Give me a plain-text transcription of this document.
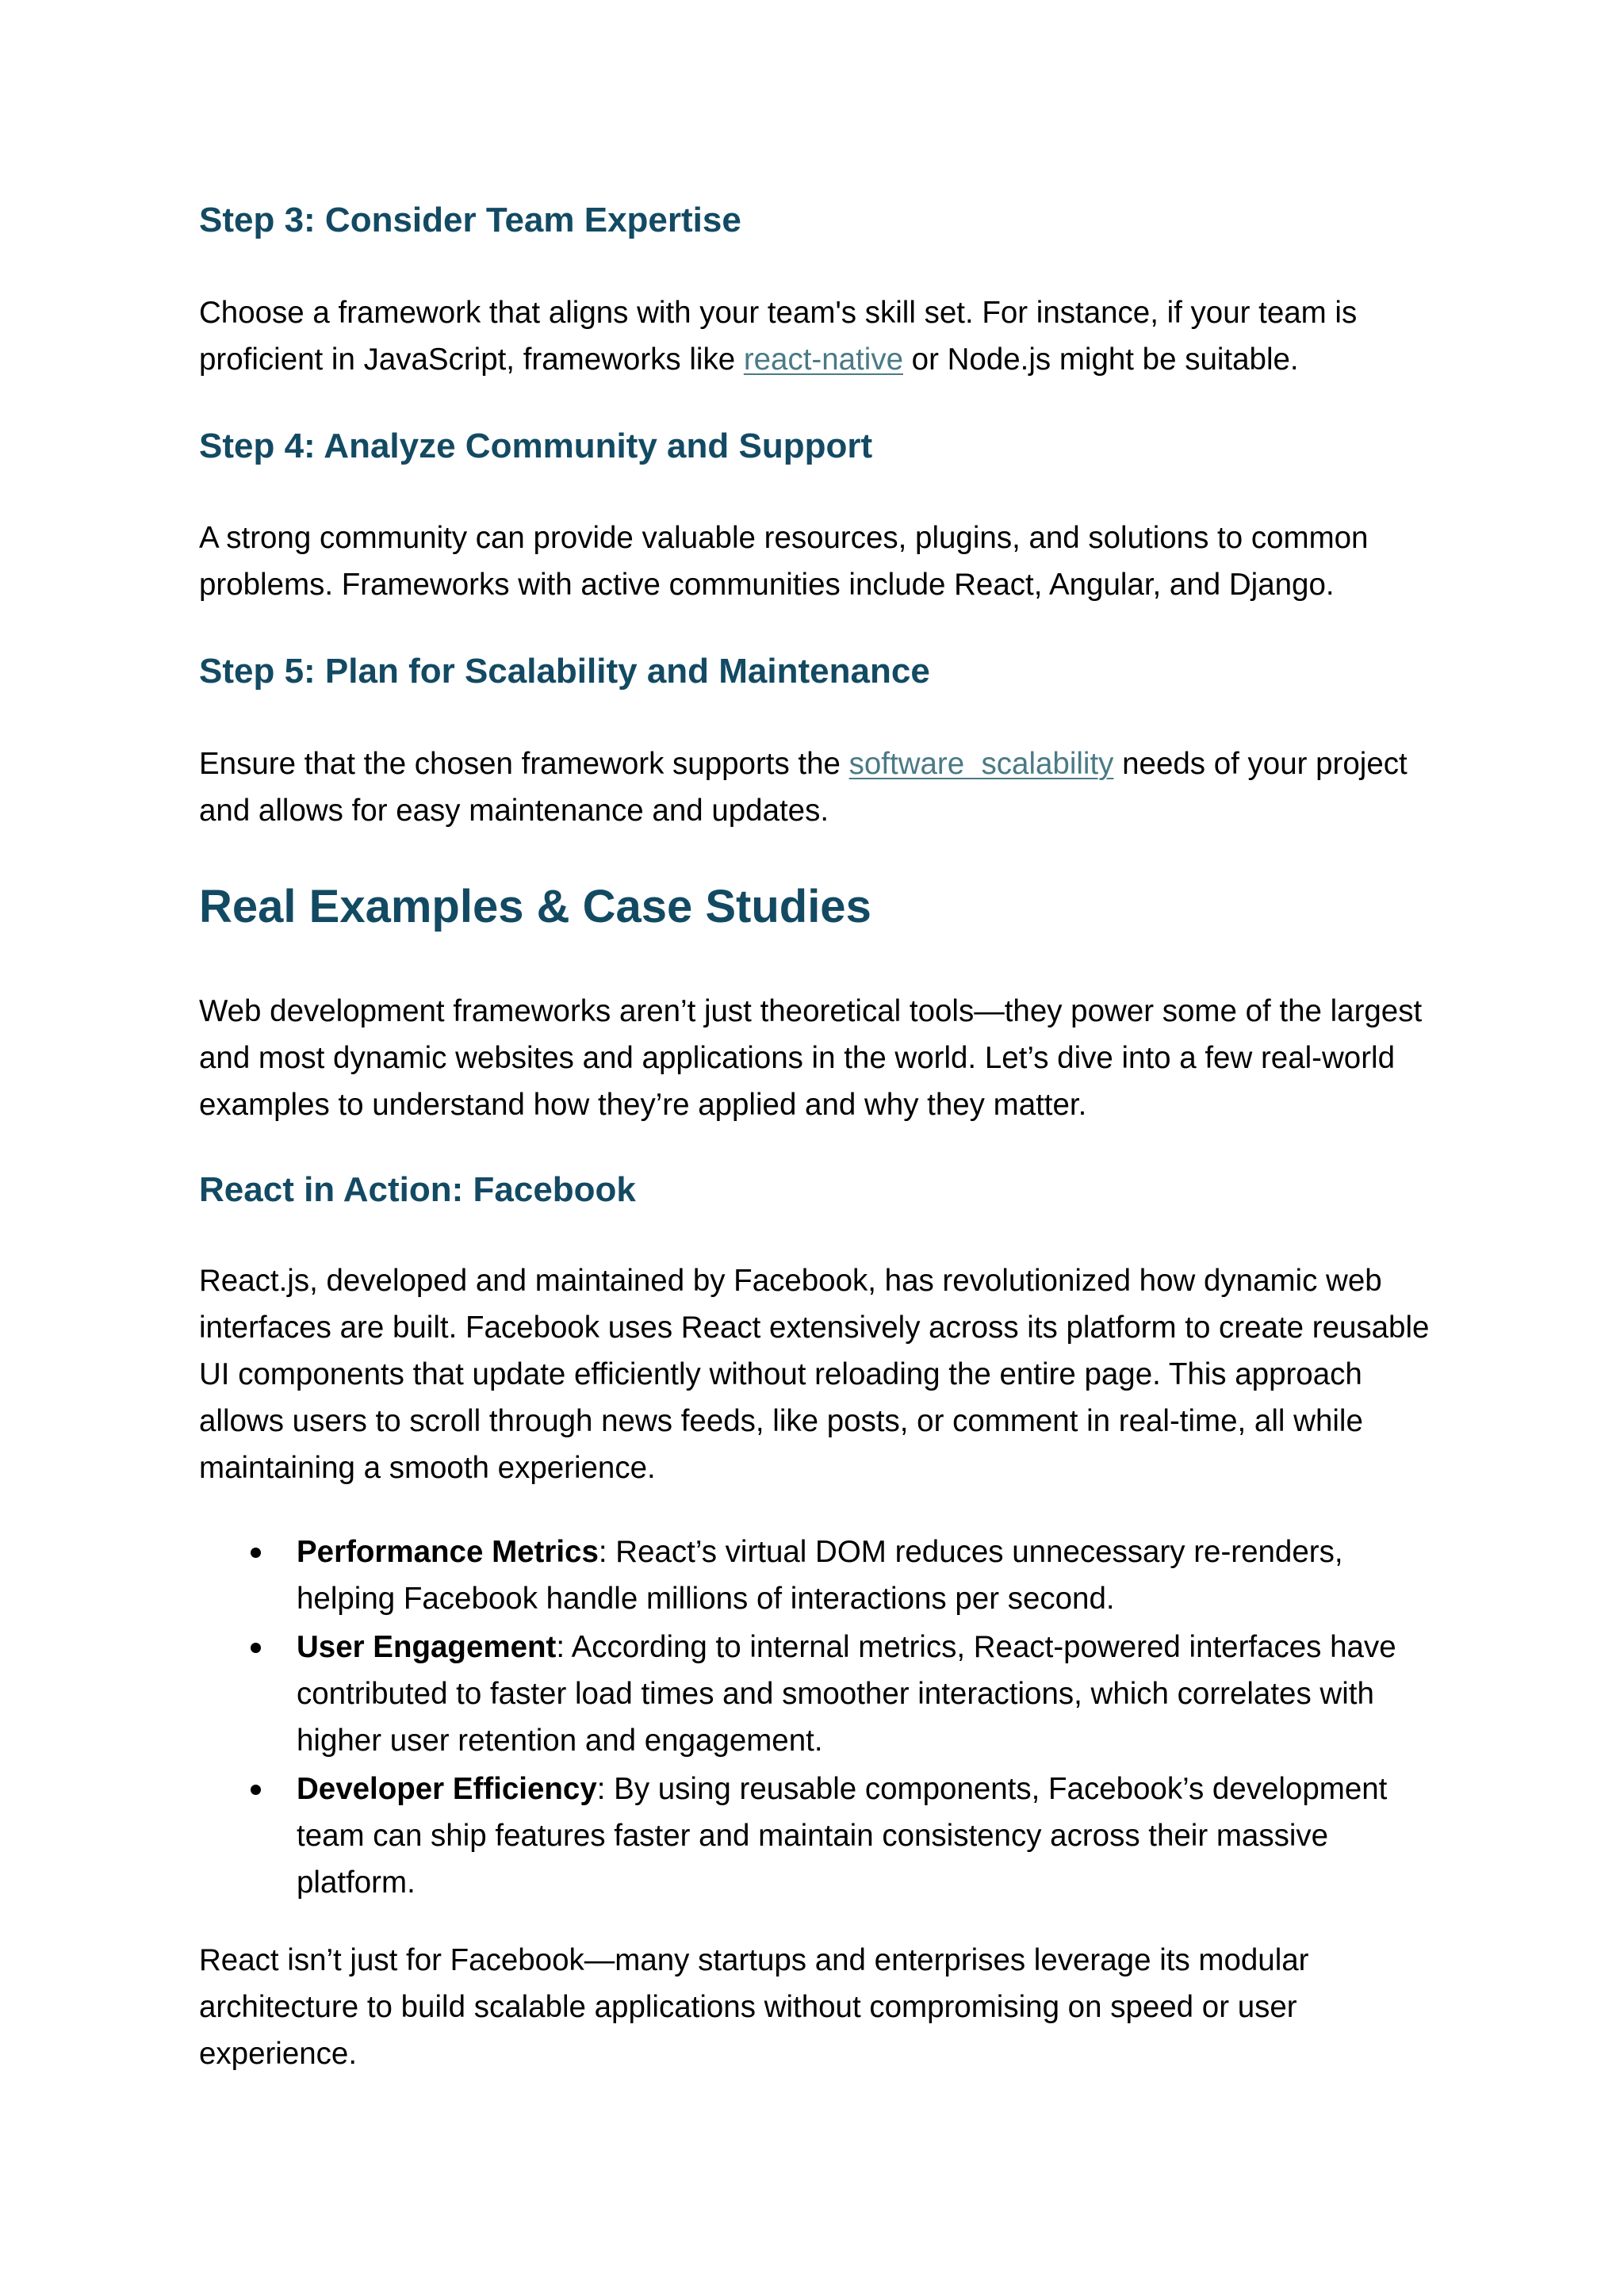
Step 3: Consider Team Expertise

Choose a framework that aligns with your team's skill set. For instance, if your team is proficient in JavaScript, frameworks like react-native or Node.js might be suitable.

Step 4: Analyze Community and Support

A strong community can provide valuable resources, plugins, and solutions to common problems. Frameworks with active communities include React, Angular, and Django.

Step 5: Plan for Scalability and Maintenance

Ensure that the chosen framework supports the software  scalability needs of your project and allows for easy maintenance and updates.

Real Examples & Case Studies

Web development frameworks aren’t just theoretical tools—they power some of the largest and most dynamic websites and applications in the world. Let’s dive into a few real-world examples to understand how they’re applied and why they matter.

React in Action: Facebook

React.js, developed and maintained by Facebook, has revolutionized how dynamic web interfaces are built. Facebook uses React extensively across its platform to create reusable UI components that update efficiently without reloading the entire page. This approach allows users to scroll through news feeds, like posts, or comment in real-time, all while maintaining a smooth experience.

Performance Metrics: React’s virtual DOM reduces unnecessary re-renders, helping Facebook handle millions of interactions per second.
User Engagement: According to internal metrics, React-powered interfaces have contributed to faster load times and smoother interactions, which correlates with higher user retention and engagement.
Developer Efficiency: By using reusable components, Facebook’s development team can ship features faster and maintain consistency across their massive platform.

React isn’t just for Facebook—many startups and enterprises leverage its modular architecture to build scalable applications without compromising on speed or user experience.
